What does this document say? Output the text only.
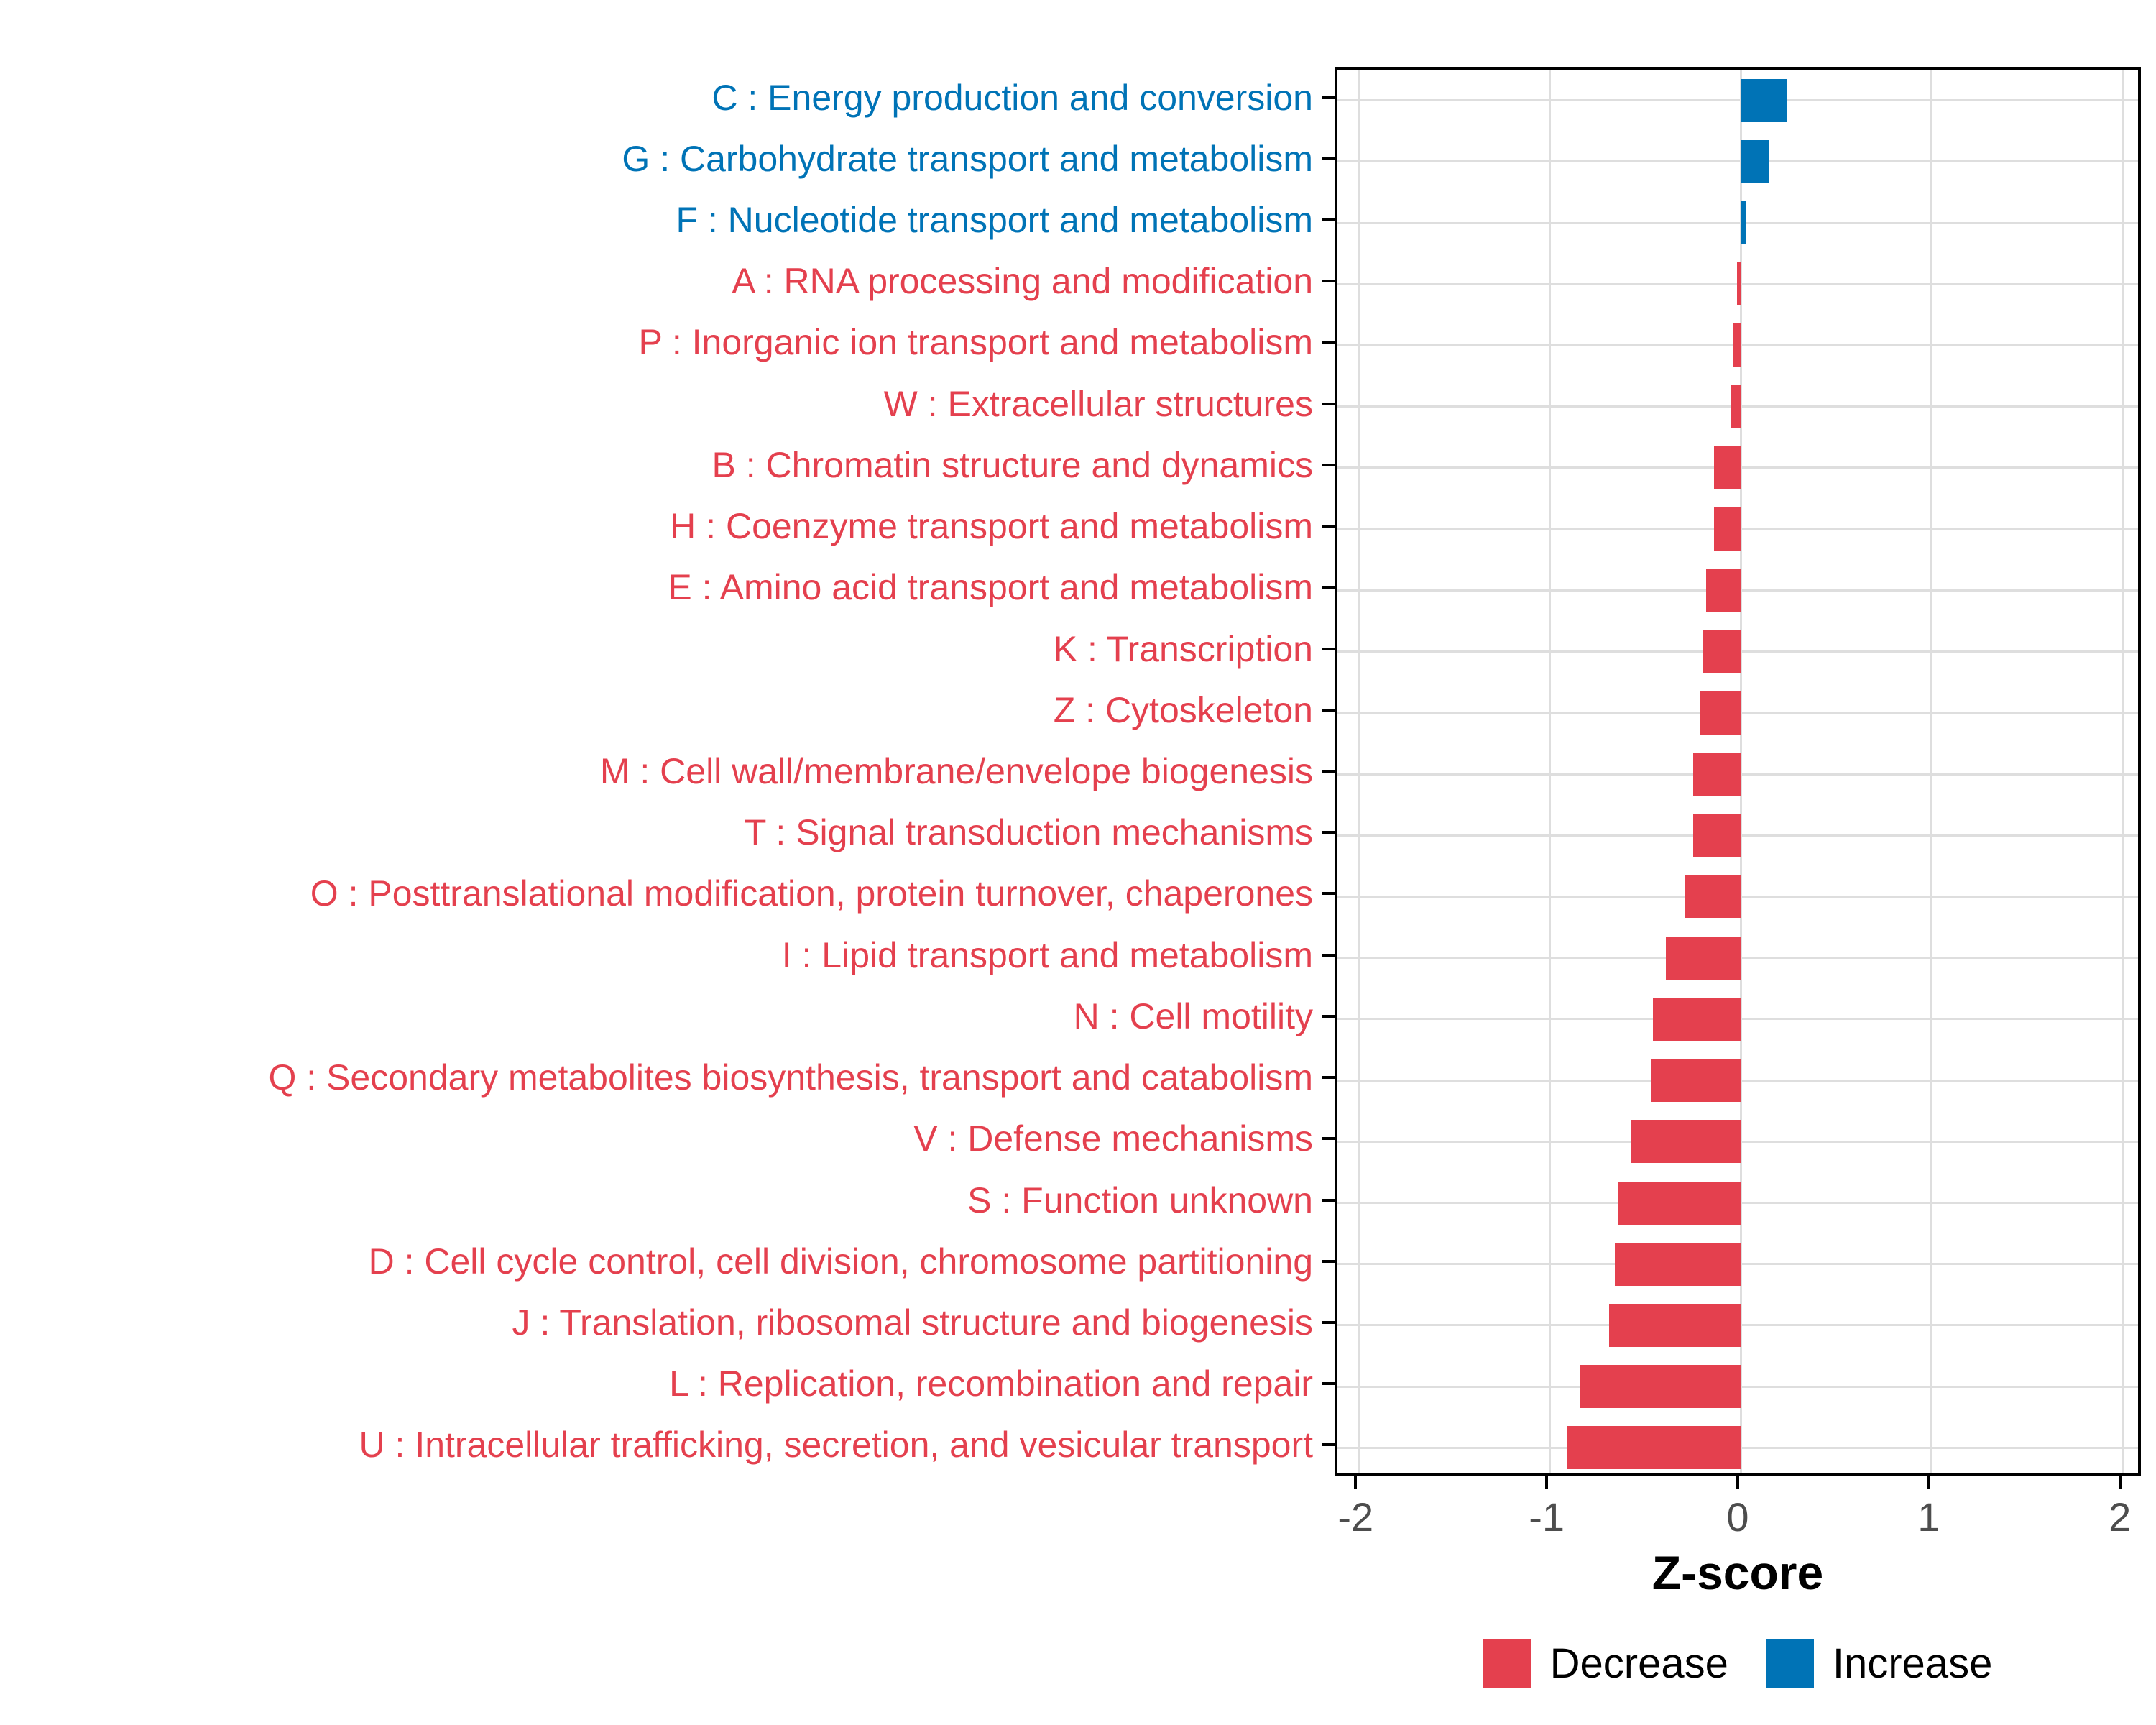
C : Energy production and conversion
G : Carbohydrate transport and metabolism
F : Nucleotide transport and metabolism
A : RNA processing and modification
P : Inorganic ion transport and metabolism
W : Extracellular structures
B : Chromatin structure and dynamics
H : Coenzyme transport and metabolism
E : Amino acid transport and metabolism
K : Transcription
Z : Cytoskeleton
M : Cell wall/membrane/envelope biogenesis
T : Signal transduction mechanisms
O : Posttranslational modification, protein turnover, chaperones
I : Lipid transport and metabolism
N : Cell motility
Q : Secondary metabolites biosynthesis, transport and catabolism
V : Defense mechanisms
S : Function unknown
D : Cell cycle control, cell division, chromosome partitioning
J : Translation, ribosomal structure and biogenesis
L : Replication, recombination and repair
U : Intracellular trafficking, secretion, and vesicular transport
-2	-1	0	1	2
Z-score
Decrease	Increase
